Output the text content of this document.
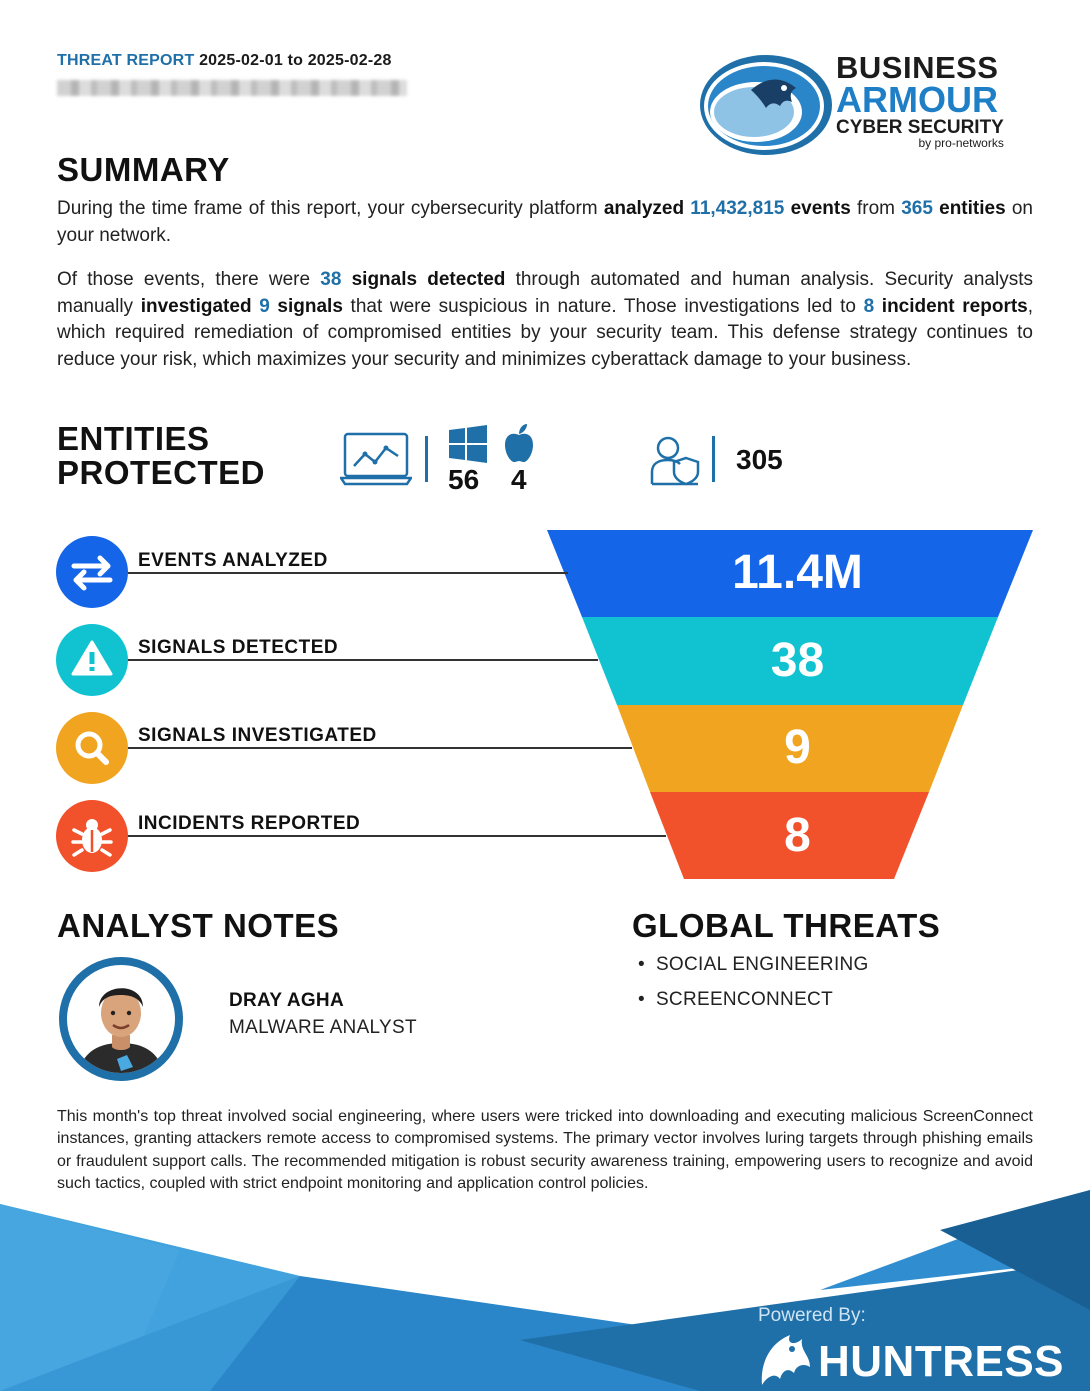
THREAT REPORT 2025-02-01 to 2025-02-28	BUSINESS
ARMOUR
CYBER SECURITY
by pro-networks
SUMMARY

During the time frame of this report, your cybersecurity platform analyzed 11,432,815 events from 365 entities on your network.

Of those events, there were 38 signals detected through automated and human analysis. Security analysts manually investigated 9 signals that were suspicious in nature. Those investigations led to 8 incident reports, which required remediation of compromised entities by your security team. This defense strategy continues to reduce your risk, which maximizes your security and minimizes cyberattack damage to your business.

ENTITIES
PROTECTED	56 4
305
EVENTS ANALYZED	11.4M
SIGNALS DETECTED	38
SIGNALS INVESTIGATED	9
INCIDENTS REPORTED	8
ANALYST NOTES
DRAY AGHA
MALWARE ANALYST
GLOBAL THREATS
• SOCIAL ENGINEERING
• SCREENCONNECT

This month's top threat involved social engineering, where users were tricked into downloading and executing malicious ScreenConnect instances, granting attackers remote access to compromised systems. The primary vector involves luring targets through phishing emails or fraudulent support calls. The recommended mitigation is robust security awareness training, empowering users to recognize and avoid such tactics, coupled with strict endpoint monitoring and application control policies.

Powered By:
HUNTRESS
